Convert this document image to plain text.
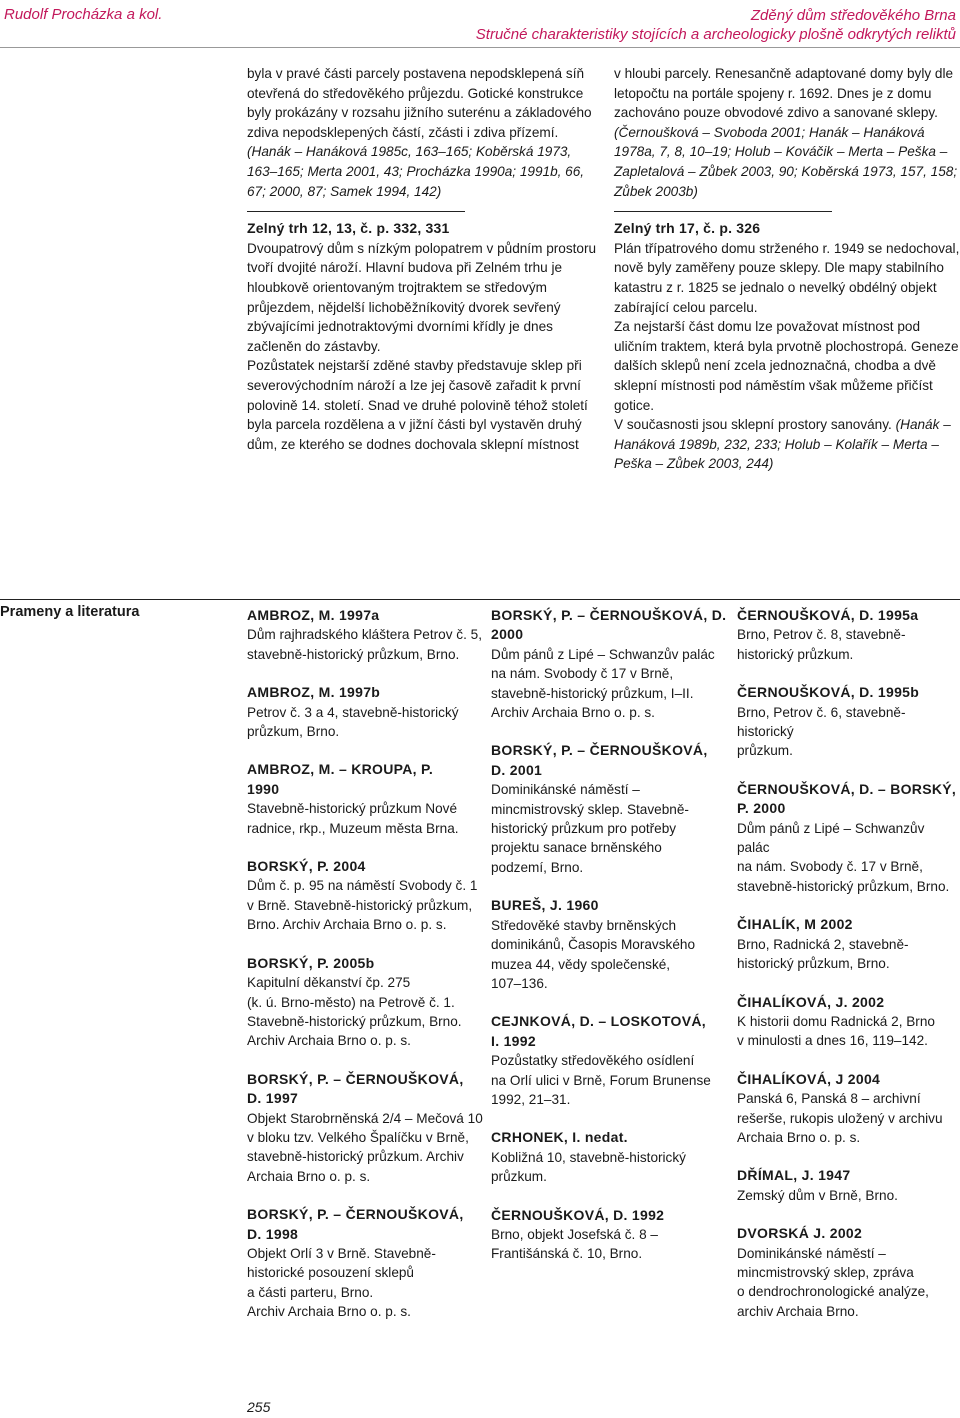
Rudolf Procházka a kol.	Zděný dům středověkého Brna
Stručné charakteristiky stojících a archeologicky plošně odkrytých reliktů

byla v pravé části parcely postavena nepodsklepená síň otevřená do středověkého průjezdu. Gotické konstrukce byly prokázány v rozsahu jižního suterénu a základového zdiva nepodsklepených částí, zčásti i zdiva přízemí. (Hanák – Hanáková 1985c, 163–165; Koběrská 1973, 163–165; Merta 2001, 43; Procházka 1990a; 1991b, 66, 67; 2000, 87; Samek 1994, 142)

Zelný trh 12, 13, č. p. 332, 331

Dvoupatrový dům s nízkým polopatrem v půdním prostoru tvoří dvojité nároží. Hlavní budova při Zelném trhu je hloubkově orientovaným trojtraktem se středovým průjezdem, nějdelší lichoběžníkovitý dvorek sevřený zbývajícími jednotraktovými dvorními křídly je dnes začleněn do zástavby.

Pozůstatek nejstarší zděné stavby představuje sklep při severovýchodním nároží a lze jej časově zařadit k první polovině 14. století. Snad ve druhé polovině téhož století byla parcela rozdělena a v jižní části byl vystavěn druhý dům, ze kterého se dodnes dochovala sklepní místnost

v hloubi parcely. Renesančně adaptované domy byly dle letopočtu na portále spojeny r. 1692. Dnes je z domu zachováno pouze obvodové zdivo a sanované sklepy. (Černoušková – Svoboda 2001; Hanák – Hanáková 1978a, 7, 8, 10–19; Holub – Kováčik – Merta – Peška – Zapletalová – Zůbek 2003, 90; Koběrská 1973, 157, 158; Zůbek 2003b)

Zelný trh 17, č. p. 326

Plán třípatrového domu strženého r. 1949 se nedochoval, nově byly zaměřeny pouze sklepy. Dle mapy stabilního katastru z r. 1825 se jednalo o nevelký obdélný objekt zabírající celou parcelu.

Za nejstarší část domu lze považovat místnost pod uličním traktem, která byla prvotně plochostropá. Geneze dalších sklepů není zcela jednoznačná, chodba a dvě sklepní místnosti pod náměstím však můžeme přičíst gotice.

V současnosti jsou sklepní prostory sanovány. (Hanák – Hanáková 1989b, 232, 233; Holub – Kolařík – Merta – Peška – Zůbek 2003, 244)

Prameny a literatura	AMBROZ, M. 1997a
Dům rajhradského kláštera Petrov č. 5,
stavebně-historický průzkum, Brno.
AMBROZ, M. 1997b
Petrov č. 3 a 4, stavebně-historický
průzkum, Brno.
AMBROZ, M. – KROUPA, P.
1990
Stavebně-historický průzkum Nové
radnice, rkp., Muzeum města Brna.
BORSKÝ, P. 2004
Dům č. p. 95 na náměstí Svobody č. 1
v Brně. Stavebně-historický průzkum,
Brno. Archiv Archaia Brno o. p. s.
BORSKÝ, P. 2005b
Kapitulní děkanství čp. 275
(k. ú. Brno-město) na Petrově č. 1.
Stavebně-historický průzkum, Brno.
Archiv Archaia Brno o. p. s.
BORSKÝ, P. – ČERNOUŠKOVÁ,
D. 1997
Objekt Starobrněnská 2/4 – Mečová 10
v bloku tzv. Velkého Špalíčku v Brně,
stavebně-historický průzkum. Archiv
Archaia Brno o. p. s.
BORSKÝ, P. – ČERNOUŠKOVÁ,
D. 1998
Objekt Orlí 3 v Brně. Stavebně-
historické posouzení sklepů
a části parteru, Brno.
Archiv Archaia Brno o. p. s.
BORSKÝ, P. – ČERNOUŠKOVÁ, D.
2000
Dům pánů z Lipé – Schwanzův palác
na nám. Svobody č 17 v Brně,
stavebně-historický průzkum, I–II.
Archiv Archaia Brno o. p. s.
BORSKÝ, P. – ČERNOUŠKOVÁ,
D. 2001
Dominikánské náměstí –
mincmistrovský sklep. Stavebně-
historický průzkum pro potřeby
projektu sanace brněnského
podzemí, Brno.
BUREŠ, J. 1960
Středověké stavby brněnských
dominikánů, Časopis Moravského
muzea 44, vědy společenské,
107–136.
CEJNKOVÁ, D. – LOSKOTOVÁ,
I. 1992
Pozůstatky středověkého osídlení
na Orlí ulici v Brně, Forum Brunense
1992, 21–31.
CRHONEK, I. nedat.
Kobližná 10, stavebně-historický
průzkum.
ČERNOUŠKOVÁ, D. 1992
Brno, objekt Josefská č. 8 –
Františánská č. 10, Brno.
ČERNOUŠKOVÁ, D. 1995a
Brno, Petrov č. 8, stavebně-
historický průzkum.
ČERNOUŠKOVÁ, D. 1995b
Brno, Petrov č. 6, stavebně-historický
průzkum.
ČERNOUŠKOVÁ, D. – BORSKÝ,
P. 2000
Dům pánů z Lipé – Schwanzův palác
na nám. Svobody č. 17 v Brně,
stavebně-historický průzkum, Brno.
ČIHALÍK, M 2002
Brno, Radnická 2, stavebně-
historický průzkum, Brno.
ČIHALÍKOVÁ, J. 2002
K historii domu Radnická 2, Brno
v minulosti a dnes 16, 119–142.
ČIHALÍKOVÁ, J 2004
Panská 6, Panská 8 – archivní
rešerše, rukopis uložený v archivu
Archaia Brno o. p. s.
DŘÍMAL, J. 1947
Zemský dům v Brně, Brno.
DVORSKÁ J. 2002
Dominikánské náměstí –
mincmistrovský sklep, zpráva
o dendrochronologické analýze,
archiv Archaia Brno.
255
